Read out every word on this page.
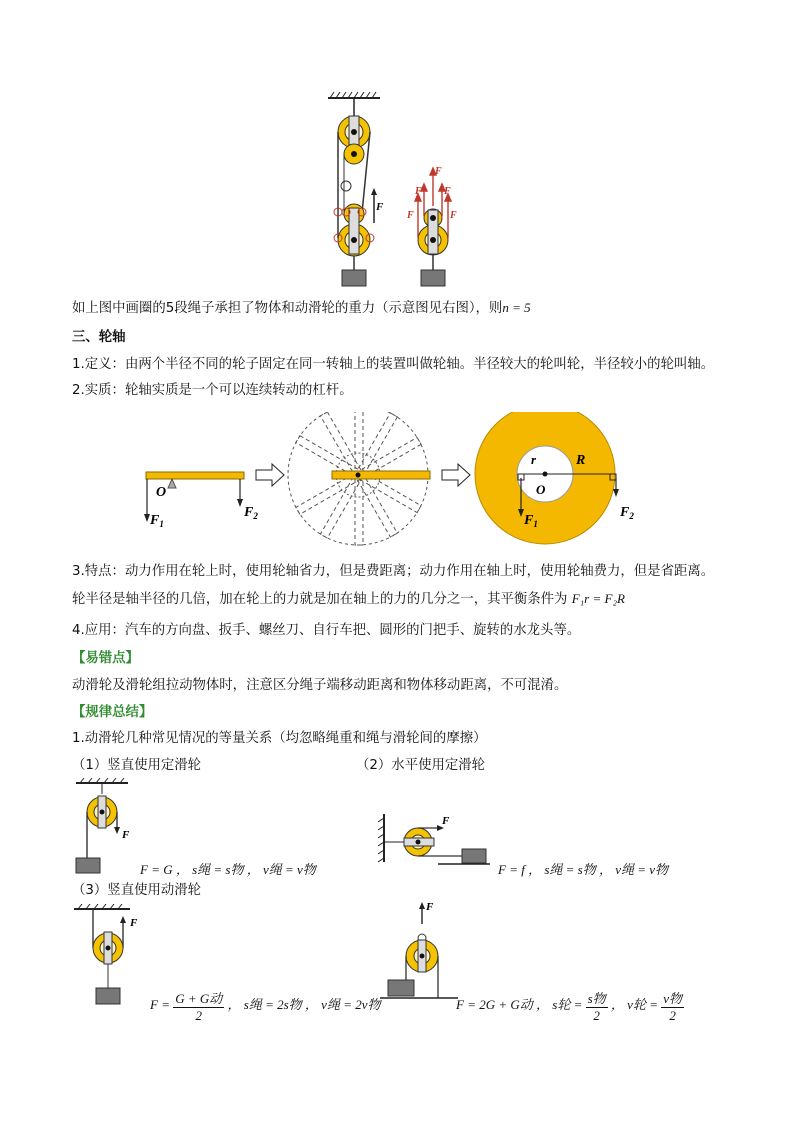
F
F
F F
F	F
如上图中画圈的5段绳子承担了物体和动滑轮的重力（示意图见右图），则n = 5
三、轮轴
1.定义：由两个半径不同的轮子固定在同一转轴上的装置叫做轮轴。半径较大的轮叫轮，半径较小的轮叫轴。
2.实质：轮轴实质是一个可以连续转动的杠杆。
O
$F_1$
$F_2$
r	R
O
$F_1$
$F_2$
3.特点：动力作用在轮上时，使用轮轴省力，但是费距离；动力作用在轴上时，使用轮轴费力，但是省距离。
轮半径是轴半径的几倍，加在轮上的力就是加在轴上的力的几分之一，其平衡条件为 F₁r = F₂R
4.应用：汽车的方向盘、扳手、螺丝刀、自行车把、圆形的门把手、旋转的水龙头等。
【易错点】
动滑轮及滑轮组拉动物体时，注意区分绳子端移动距离和物体移动距离，不可混淆。
【规律总结】
1.动滑轮几种常见情况的等量关系（均忽略绳重和绳与滑轮间的摩擦）
（1）竖直使用定滑轮	（2）水平使用定滑轮
F
F = G ， s绳 = s物 ， v绳 = v物
F
F = f ， s绳 = s物 ， v绳 = v物
（3）竖直使用动滑轮
F
$F = \frac{\text{G + G动}}{2}$ ， s绳 = 2s物 ， v绳 = 2v物
F
F = 2G + G动 ， s轮 = $\frac{\text{s物}}{2}$ ， v轮 = $\frac{\text{v物}}{2}$
